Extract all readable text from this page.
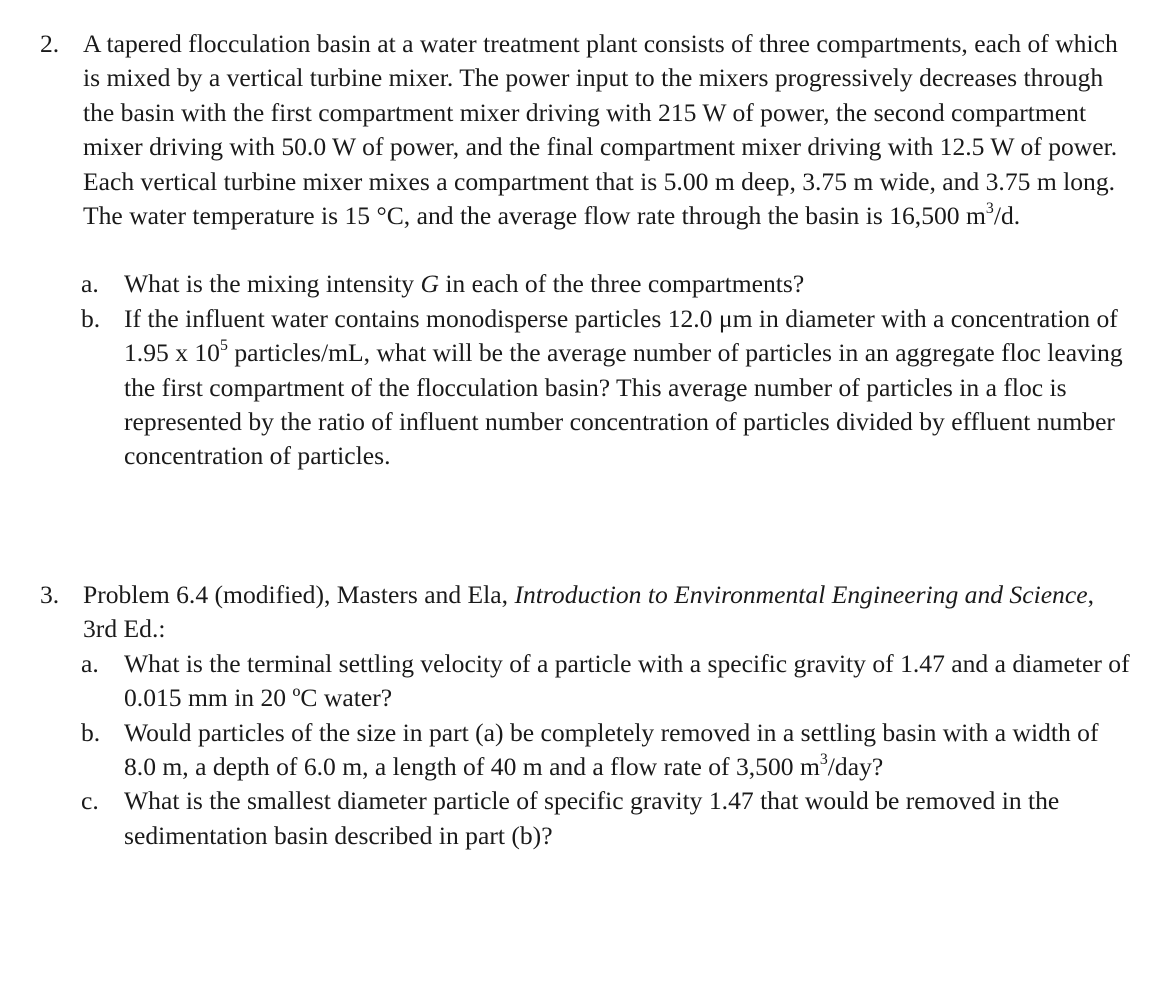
2. A tapered flocculation basin at a water treatment plant consists of three compartments, each of which is mixed by a vertical turbine mixer. The power input to the mixers progressively decreases through the basin with the first compartment mixer driving with 215 W of power, the second compartment mixer driving with 50.0 W of power, and the final compartment mixer driving with 12.5 W of power. Each vertical turbine mixer mixes a compartment that is 5.00 m deep, 3.75 m wide, and 3.75 m long. The water temperature is 15 °C, and the average flow rate through the basin is 16,500 $m^3/d$.
a. What is the mixing intensity G in each of the three compartments?
b. If the influent water contains monodisperse particles 12.0 μm in diameter with a concentration of 1.95 x $10^5$ particles/mL, what will be the average number of particles in an aggregate floc leaving the first compartment of the flocculation basin? This average number of particles in a floc is represented by the ratio of influent number concentration of particles divided by effluent number concentration of particles.
3. Problem 6.4 (modified), Masters and Ela, Introduction to Environmental Engineering and Science, 3rd Ed.:
a. What is the terminal settling velocity of a particle with a specific gravity of 1.47 and a diameter of 0.015 mm in 20 ºC water?
b. Would particles of the size in part (a) be completely removed in a settling basin with a width of 8.0 m, a depth of 6.0 m, a length of 40 m and a flow rate of 3,500 $m^3$/day?
c. What is the smallest diameter particle of specific gravity 1.47 that would be removed in the sedimentation basin described in part (b)?
